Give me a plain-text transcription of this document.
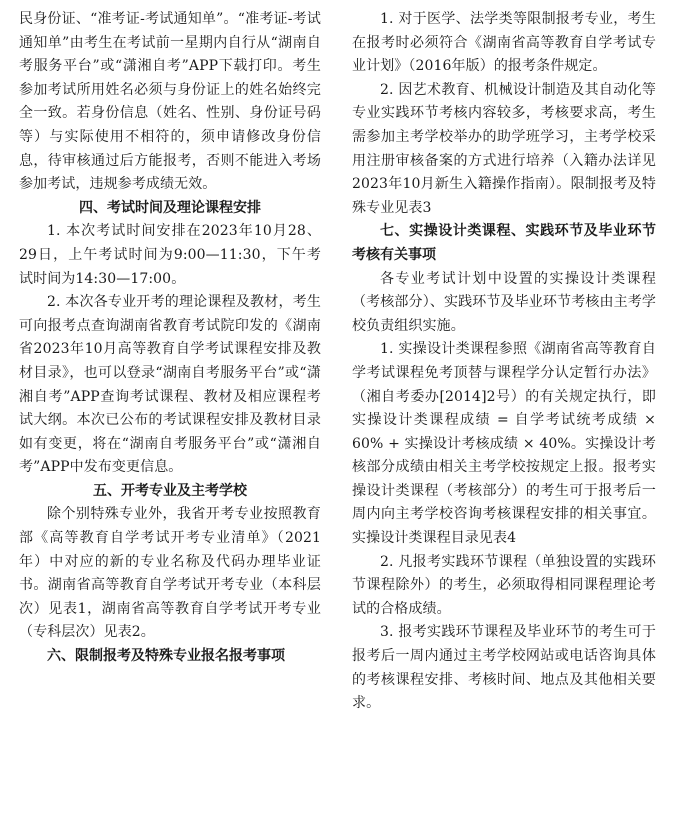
民身份证、“准考证-考试通知单”。“准考证-考试通知单”由考生在考试前一星期内自行从“湖南自考服务平台”或“潇湘自考”APP下载打印。考生参加考试所用姓名必须与身份证上的姓名始终完全一致。若身份信息（姓名、性别、身份证号码等）与实际使用不相符的，须申请修改身份信息，待审核通过后方能报考，否则不能进入考场参加考试，违规参考成绩无效。

四、考试时间及理论课程安排

1. 本次考试时间安排在2023年10月28、29日，上午考试时间为9:00—11:30，下午考试时间为14:30—17:00。

2. 本次各专业开考的理论课程及教材，考生可向报考点查询湖南省教育考试院印发的《湖南省2023年10月高等教育自学考试课程安排及教材目录》，也可以登录“湖南自考服务平台”或“潇湘自考”APP查询考试课程、教材及相应课程考试大纲。本次已公布的考试课程安排及教材目录如有变更，将在“湖南自考服务平台”或“潇湘自考”APP中发布变更信息。

五、开考专业及主考学校

除个别特殊专业外，我省开考专业按照教育部《高等教育自学考试开考专业清单》（2021年）中对应的新的专业名称及代码办理毕业证书。湖南省高等教育自学考试开考专业（本科层次）见表1，湖南省高等教育自学考试开考专业（专科层次）见表2。

六、限制报考及特殊专业报名报考事项

1. 对于医学、法学类等限制报考专业，考生在报考时必须符合《湖南省高等教育自学考试专业计划》（2016年版）的报考条件规定。

2. 因艺术教育、机械设计制造及其自动化等专业实践环节考核内容较多，考核要求高，考生需参加主考学校举办的助学班学习，主考学校采用注册审核备案的方式进行培养（入籍办法详见2023年10月新生入籍操作指南）。限制报考及特殊专业见表3

七、实操设计类课程、实践环节及毕业环节考核有关事项

各专业考试计划中设置的实操设计类课程（考核部分）、实践环节及毕业环节考核由主考学校负责组织实施。

1. 实操设计类课程参照《湖南省高等教育自学考试课程免考顶替与课程学分认定暂行办法》（湘自考委办[2014]2号）的有关规定执行，即实操设计类课程成绩 = 自学考试统考成绩 × 60% + 实操设计考核成绩 × 40%。实操设计考核部分成绩由相关主考学校按规定上报。报考实操设计类课程（考核部分）的考生可于报考后一周内向主考学校咨询考核课程安排的相关事宜。实操设计类课程目录见表4

2. 凡报考实践环节课程（单独设置的实践环节课程除外）的考生，必须取得相同课程理论考试的合格成绩。

3. 报考实践环节课程及毕业环节的考生可于报考后一周内通过主考学校网站或电话咨询具体的考核课程安排、考核时间、地点及其他相关要求。
